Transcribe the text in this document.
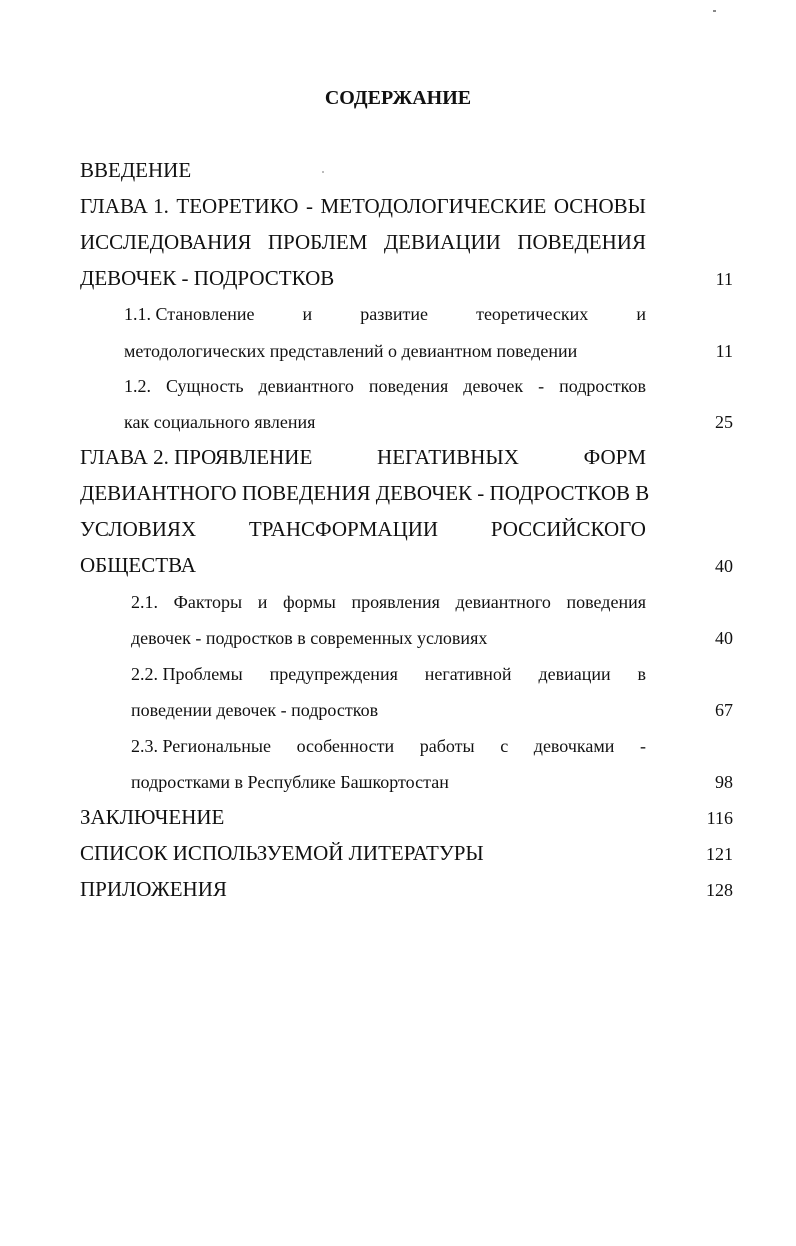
СОДЕРЖАНИЕ
ВВЕДЕНИЕ
ГЛАВА 1. ТЕОРЕТИКО - МЕТОДОЛОГИЧЕСКИЕ ОСНОВЫ
ИССЛЕДОВАНИЯ ПРОБЛЕМ ДЕВИАЦИИ ПОВЕДЕНИЯ
ДЕВОЧЕК - ПОДРОСТКОВ	11
1.1. Становление	и	развитие	теоретических	и
методологических представлений о девиантном поведении	11
1.2. Сущность девиантного поведения девочек - подростков
как социального явления	25
ГЛАВА 2. ПРОЯВЛЕНИЕ	НЕГАТИВНЫХ	ФОРМ
ДЕВИАНТНОГО ПОВЕДЕНИЯ ДЕВОЧЕК - ПОДРОСТКОВ В
УСЛОВИЯХ	ТРАНСФОРМАЦИИ	РОССИЙСКОГО
ОБЩЕСТВА	40
2.1. Факторы и формы проявления девиантного поведения
девочек - подростков в современных условиях	40
2.2. Проблемы предупреждения негативной девиации в
поведении девочек - подростков	67
2.3. Региональные особенности работы с девочками -
подростками в Республике Башкортостан	98
ЗАКЛЮЧЕНИЕ	116
СПИСОК ИСПОЛЬЗУЕМОЙ ЛИТЕРАТУРЫ	121
ПРИЛОЖЕНИЯ	128
